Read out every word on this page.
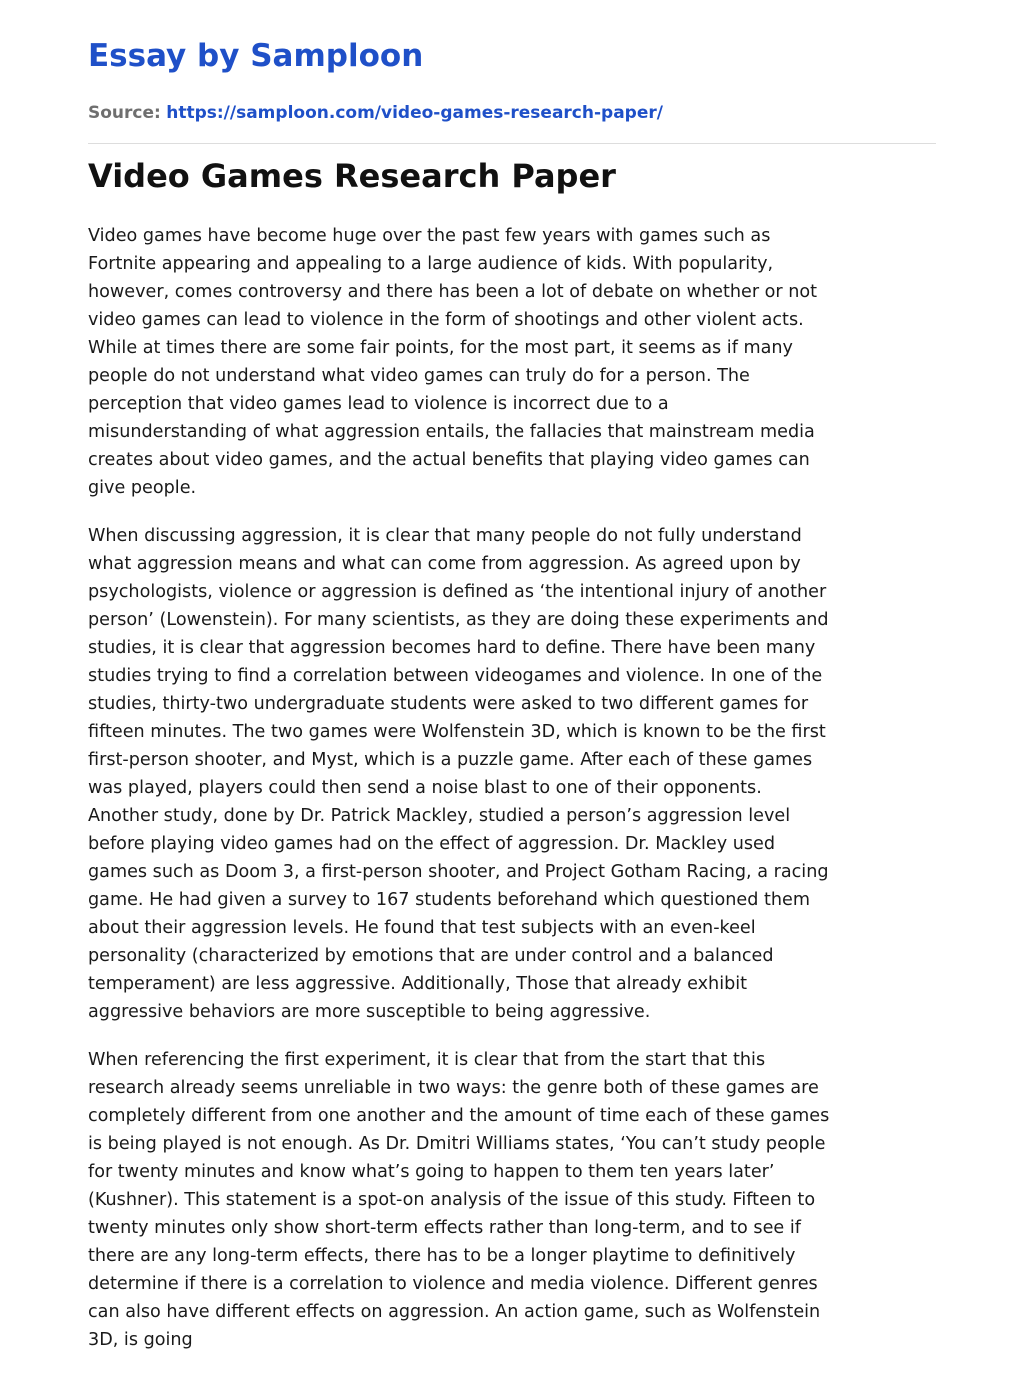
Essay by Samploon
Source: https://samploon.com/video-games-research-paper/
Video Games Research Paper

Video games have become huge over the past few years with games such as
Fortnite appearing and appealing to a large audience of kids. With popularity,
however, comes controversy and there has been a lot of debate on whether or not
video games can lead to violence in the form of shootings and other violent acts.
While at times there are some fair points, for the most part, it seems as if many
people do not understand what video games can truly do for a person. The
perception that video games lead to violence is incorrect due to a
misunderstanding of what aggression entails, the fallacies that mainstream media
creates about video games, and the actual benefits that playing video games can
give people.

When discussing aggression, it is clear that many people do not fully understand
what aggression means and what can come from aggression. As agreed upon by
psychologists, violence or aggression is defined as ‘the intentional injury of another
person’ (Lowenstein). For many scientists, as they are doing these experiments and
studies, it is clear that aggression becomes hard to define. There have been many
studies trying to find a correlation between videogames and violence. In one of the
studies, thirty-two undergraduate students were asked to two different games for
fifteen minutes. The two games were Wolfenstein 3D, which is known to be the first
first-person shooter, and Myst, which is a puzzle game. After each of these games
was played, players could then send a noise blast to one of their opponents.
Another study, done by Dr. Patrick Mackley, studied a person’s aggression level
before playing video games had on the effect of aggression. Dr. Mackley used
games such as Doom 3, a first-person shooter, and Project Gotham Racing, a racing
game. He had given a survey to 167 students beforehand which questioned them
about their aggression levels. He found that test subjects with an even-keel
personality (characterized by emotions that are under control and a balanced
temperament) are less aggressive. Additionally, Those that already exhibit
aggressive behaviors are more susceptible to being aggressive.

When referencing the first experiment, it is clear that from the start that this
research already seems unreliable in two ways: the genre both of these games are
completely different from one another and the amount of time each of these games
is being played is not enough. As Dr. Dmitri Williams states, ‘You can’t study people
for twenty minutes and know what’s going to happen to them ten years later’
(Kushner). This statement is a spot-on analysis of the issue of this study. Fifteen to
twenty minutes only show short-term effects rather than long-term, and to see if
there are any long-term effects, there has to be a longer playtime to definitively
determine if there is a correlation to violence and media violence. Different genres
can also have different effects on aggression. An action game, such as Wolfenstein
3D, is going
